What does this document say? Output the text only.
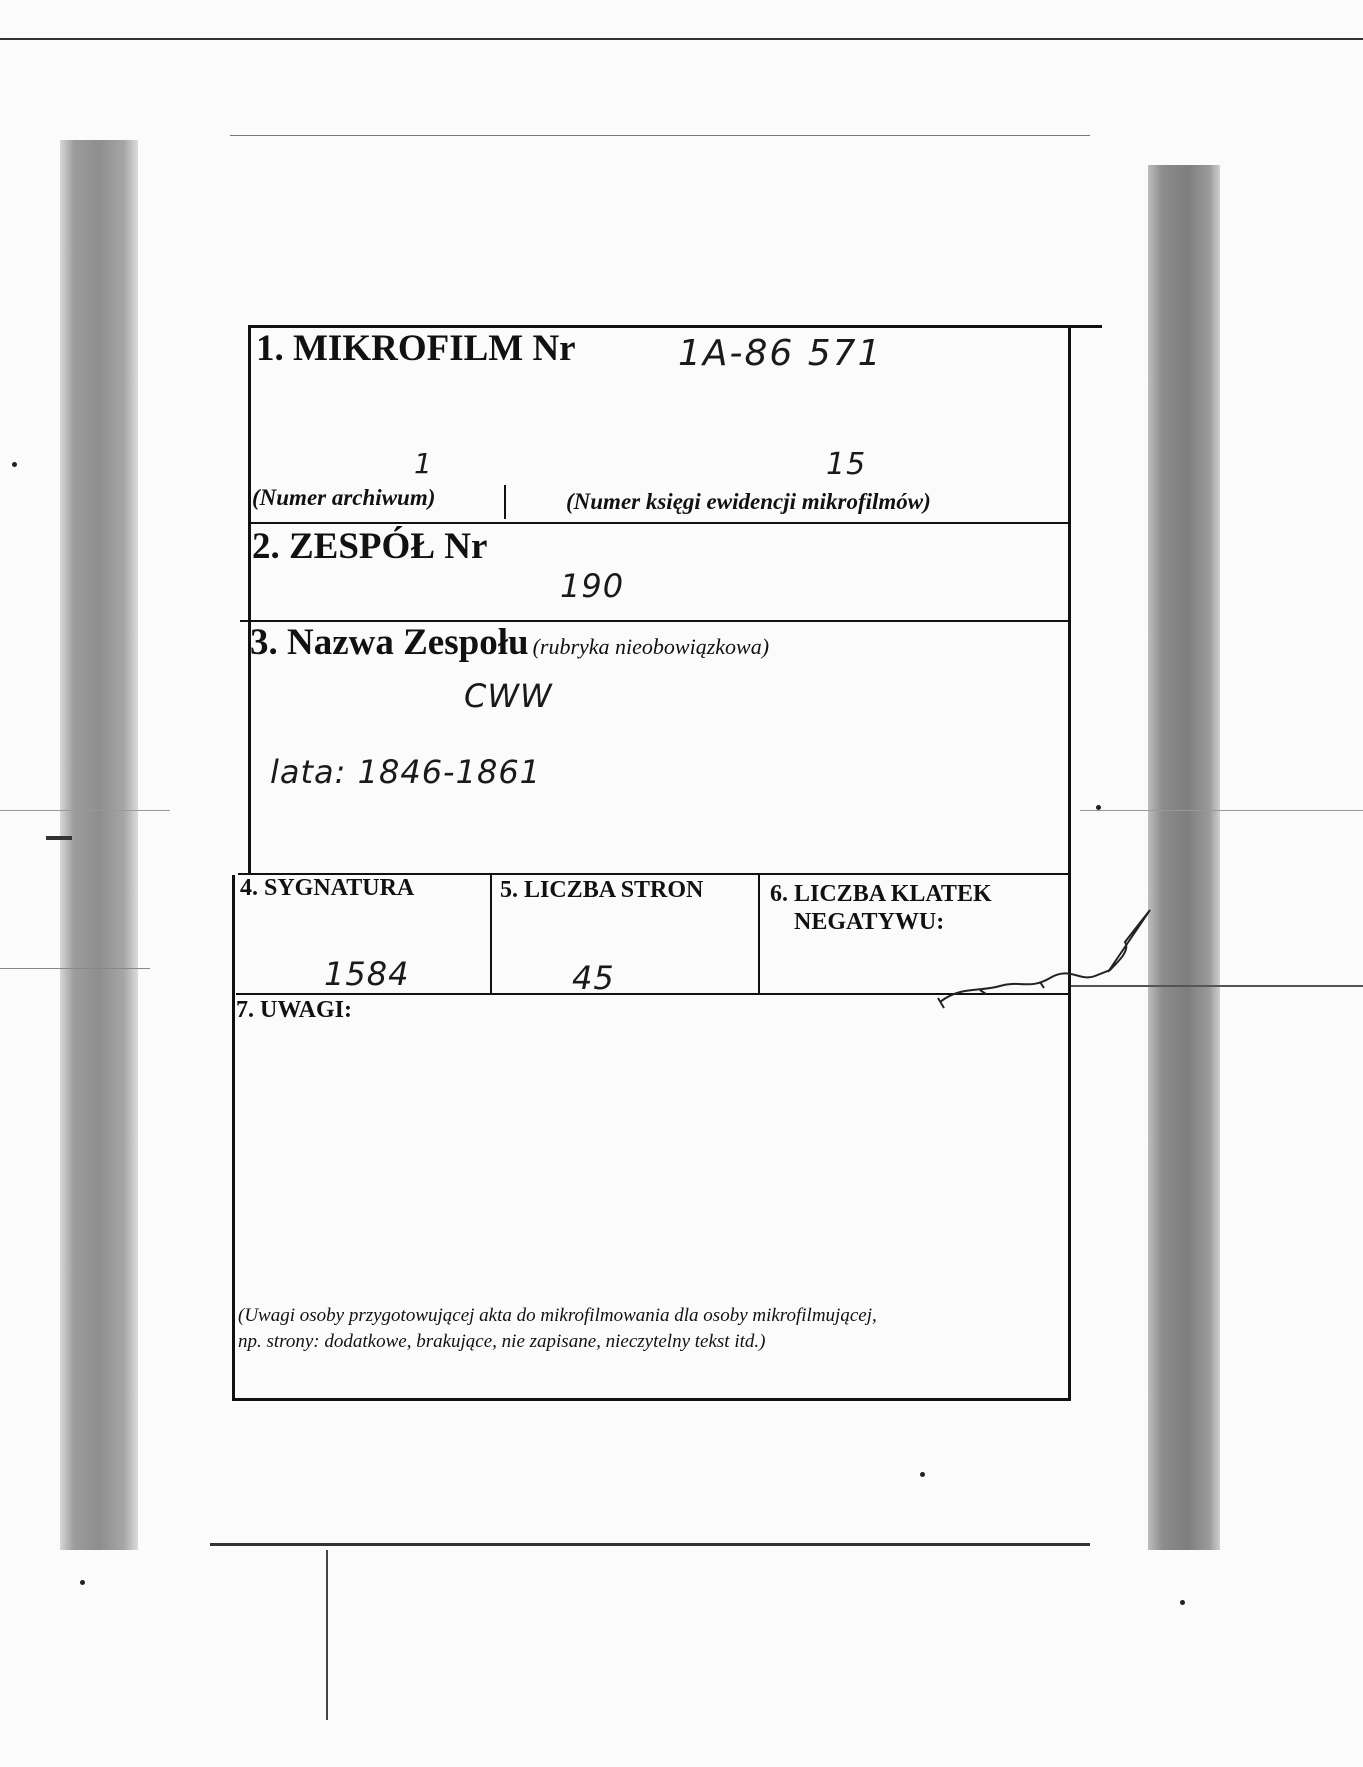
1. MIKROFILM Nr	1A-86 571
1	15
(Numer archiwum)	(Numer księgi ewidencji mikrofilmów)
2. ZESPÓŁ Nr
190
3. Nazwa Zespołu (rubryka nieobowiązkowa)
CWW
lata: 1846-1861
4. SYGNATURA
1584
5. LICZBA STRON
45
6. LICZBA KLATEK
NEGATYWU:
7. UWAGI:
(Uwagi osoby przygotowującej akta do mikrofilmowania dla osoby mikrofilmującej,
np. strony: dodatkowe, brakujące, nie zapisane, nieczytelny tekst itd.)
